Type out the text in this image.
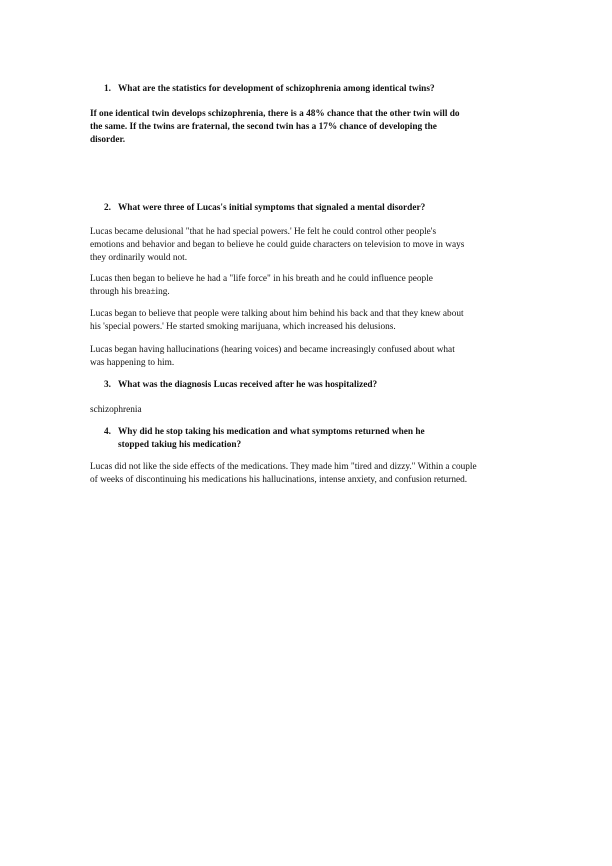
1. What are the statistics for development of schizophrenia among identical twins?

If one identical twin develops schizophrenia, there is a 48% chance that the other twin will do the same. If the twins are fraternal, the second twin has a 17% chance of developing the disorder.

2. What were three of Lucas's initial symptoms that signaled a mental disorder?

Lucas became delusional "that he had special powers.' He felt he could control other people's emotions and behavior and began to believe he could guide characters on television to move in ways they ordinarily would not.

Lucas then began to believe he had a "life force" in his breath and he could influence people through his brea±ing.

Lucas began to believe that people were talking about him behind his back and that they knew about his 'special powers.' He started smoking marijuana, which increased his delusions.

Lucas began having hallucinations (hearing voices) and became increasingly confused about what was happening to him.

3. What was the diagnosis Lucas received after he was hospitalized?

schizophrenia

4. Why did he stop taking his medication and what symptoms returned when he stopped takiug his medication?

Lucas did not like the side effects of the medications. They made him "tired and dizzy." Within a couple of weeks of discontinuing his medications his hallucinations, intense anxiety, and confusion returned.
